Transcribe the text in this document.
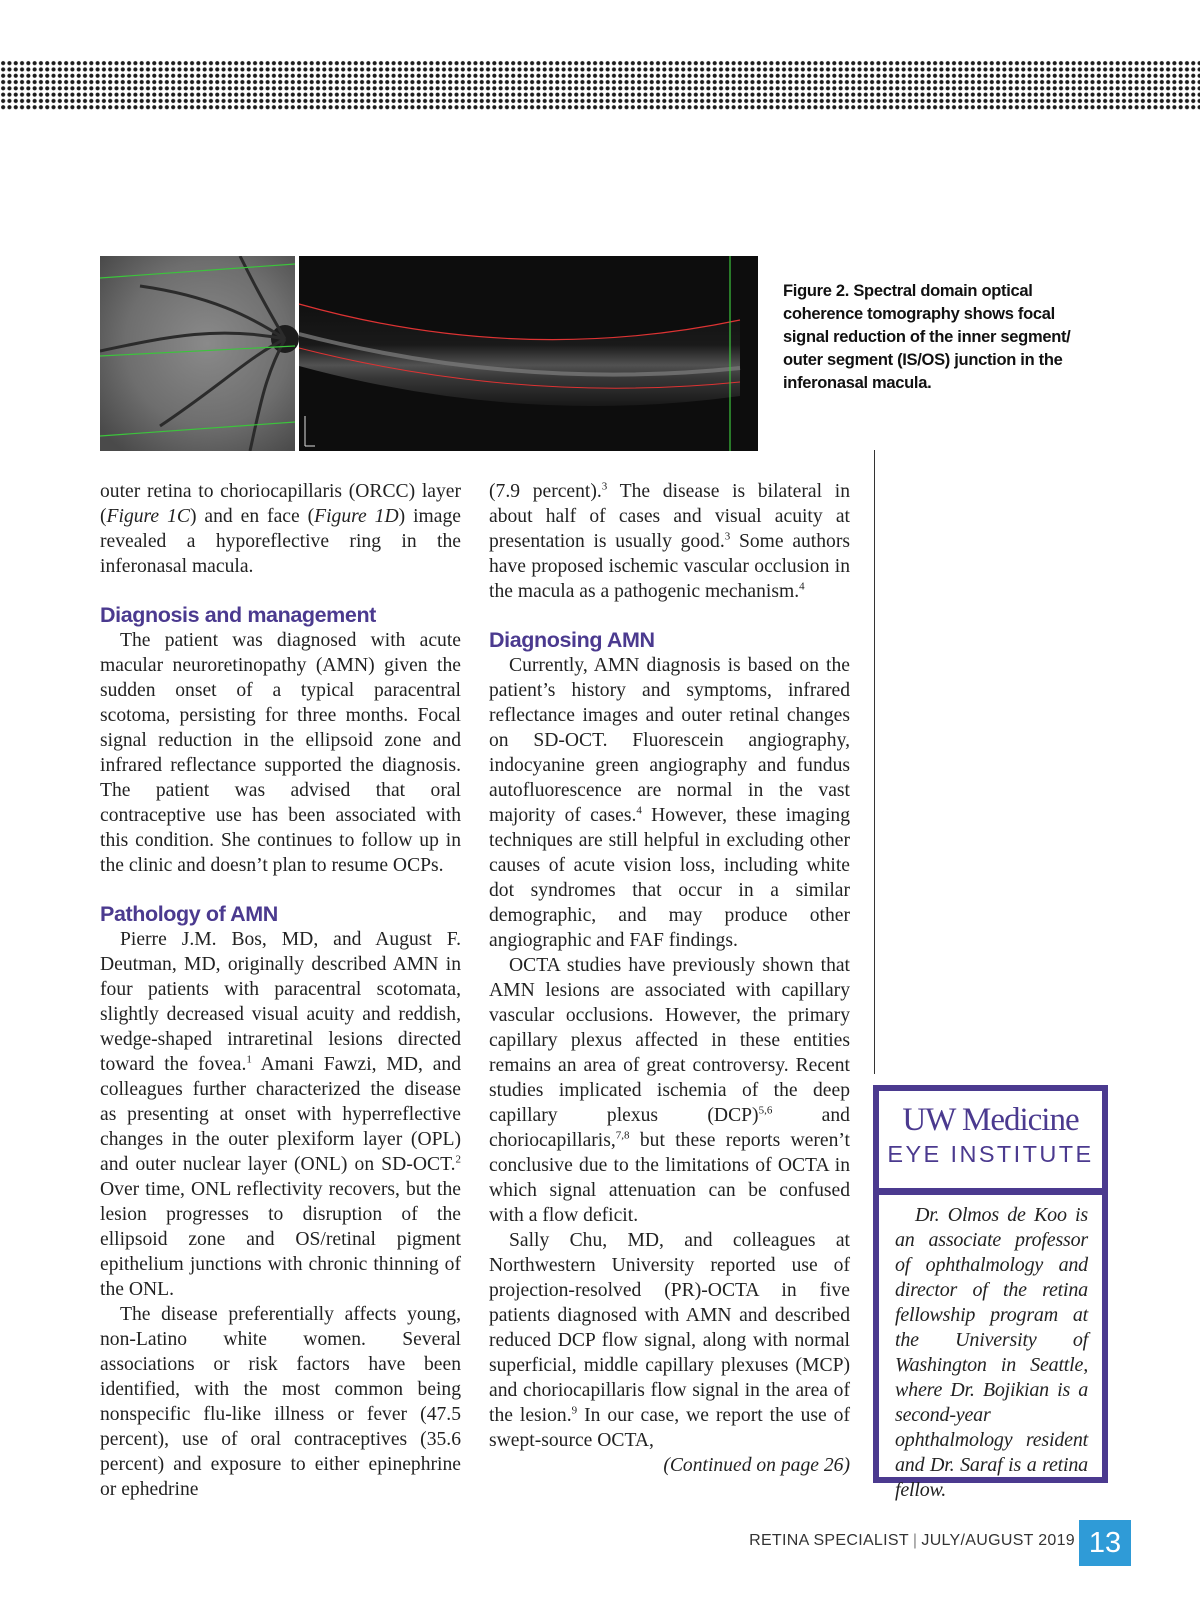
Figure 2. Spectral domain optical coherence tomography shows focal signal reduction of the inner segment/ outer segment (IS/OS) junction in the inferonasal macula.

outer retina to choriocapillaris (ORCC) layer (Figure 1C) and en face (Figure 1D) image revealed a hyporeflective ring in the inferonasal macula.

Diagnosis and management

The patient was diagnosed with acute macular neuroretinopathy (AMN) given the sudden onset of a typical paracentral scotoma, persisting for three months. Focal signal reduction in the ellipsoid zone and infrared reflectance supported the diagnosis. The patient was advised that oral contraceptive use has been associated with this condition. She continues to follow up in the clinic and doesn’t plan to resume OCPs.

Pathology of AMN

Pierre J.M. Bos, MD, and August F. Deutman, MD, originally described AMN in four patients with paracentral scotomata, slightly decreased visual acuity and reddish, wedge-shaped intraretinal lesions directed toward the fovea.$^1$ Amani Fawzi, MD, and colleagues further characterized the disease as presenting at onset with hyperreflective changes in the outer plexiform layer (OPL) and outer nuclear layer (ONL) on SD-OCT.$^2$ Over time, ONL reflectivity recovers, but the lesion progresses to disruption of the ellipsoid zone and OS/retinal pigment epithelium junctions with chronic thinning of the ONL.

The disease preferentially affects young, non-Latino white women. Several associations or risk factors have been identified, with the most common being nonspecific flu-like illness or fever (47.5 percent), use of oral contraceptives (35.6 percent) and exposure to either epinephrine or ephedrine

(7.9 percent).$^3$ The disease is bilateral in about half of cases and visual acuity at presentation is usually good.$^3$ Some authors have proposed ischemic vascular occlusion in the macula as a pathogenic mechanism.$^4$

Diagnosing AMN

Currently, AMN diagnosis is based on the patient’s history and symptoms, infrared reflectance images and outer retinal changes on SD-OCT. Fluorescein angiography, indocyanine green angiography and fundus autofluorescence are normal in the vast majority of cases.$^4$ However, these imaging techniques are still helpful in excluding other causes of acute vision loss, including white dot syndromes that occur in a similar demographic, and may produce other angiographic and FAF findings.

OCTA studies have previously shown that AMN lesions are associated with capillary vascular occlusions. However, the primary capillary plexus affected in these entities remains an area of great controversy. Recent studies implicated ischemia of the deep capillary plexus (DCP)$^{5,6}$ and choriocapillaris,$^{7,8}$ but these reports weren’t conclusive due to the limitations of OCTA in which signal attenuation can be confused with a flow deficit.

Sally Chu, MD, and colleagues at Northwestern University reported use of projection-resolved (PR)-OCTA in five patients diagnosed with AMN and described reduced DCP flow signal, along with normal superficial, middle capillary plexuses (MCP) and choriocapillaris flow signal in the area of the lesion.$^9$ In our case, we report the use of swept-source OCTA,

(Continued on page 26)

UW Medicine
EYE INSTITUTE
Dr. Olmos de Koo is an associate professor of ophthalmology and director of the retina fellowship program at the University of Washington in Seattle, where Dr. Bojikian is a second-year ophthalmology resident and Dr. Saraf is a retina fellow.
RETINA SPECIALIST | JULY/AUGUST 2019 13
